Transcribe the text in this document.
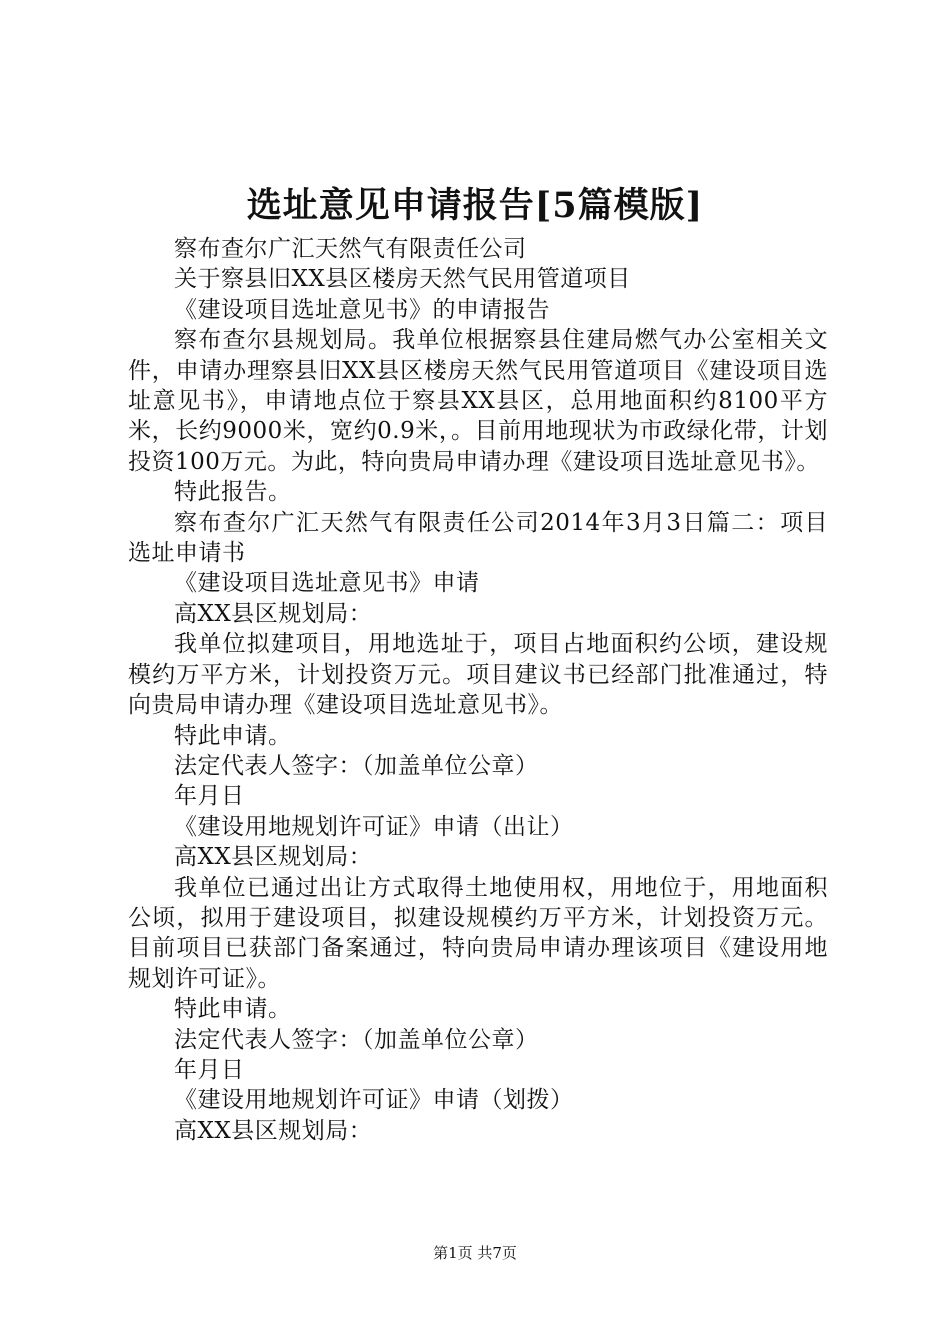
选址意见申请报告[5篇模版]

察布查尔广汇天然气有限责任公司

关于察县旧XX县区楼房天然气民用管道项目

《建设项目选址意见书》的申请报告

察布查尔县规划局。我单位根据察县住建局燃气办公室相关文件，申请办理察县旧XX县区楼房天然气民用管道项目《建设项目选址意见书》，申请地点位于察县XX县区，总用地面积约8100平方米，长约9000米，宽约0.9米，。目前用地现状为市政绿化带，计划投资100万元。为此，特向贵局申请办理《建设项目选址意见书》。

特此报告。

察布查尔广汇天然气有限责任公司2014年3月3日篇二：项目选址申请书

《建设项目选址意见书》申请

高XX县区规划局：

我单位拟建项目，用地选址于，项目占地面积约公顷，建设规模约万平方米，计划投资万元。项目建议书已经部门批准通过，特向贵局申请办理《建设项目选址意见书》。

特此申请。

法定代表人签字：（加盖单位公章）

年月日

《建设用地规划许可证》申请（出让）

高XX县区规划局：

我单位已通过出让方式取得土地使用权，用地位于，用地面积公顷，拟用于建设项目，拟建设规模约万平方米，计划投资万元。目前项目已获部门备案通过，特向贵局申请办理该项目《建设用地规划许可证》。

特此申请。

法定代表人签字：（加盖单位公章）

年月日

《建设用地规划许可证》申请（划拨）

高XX县区规划局：

第1页 共7页
